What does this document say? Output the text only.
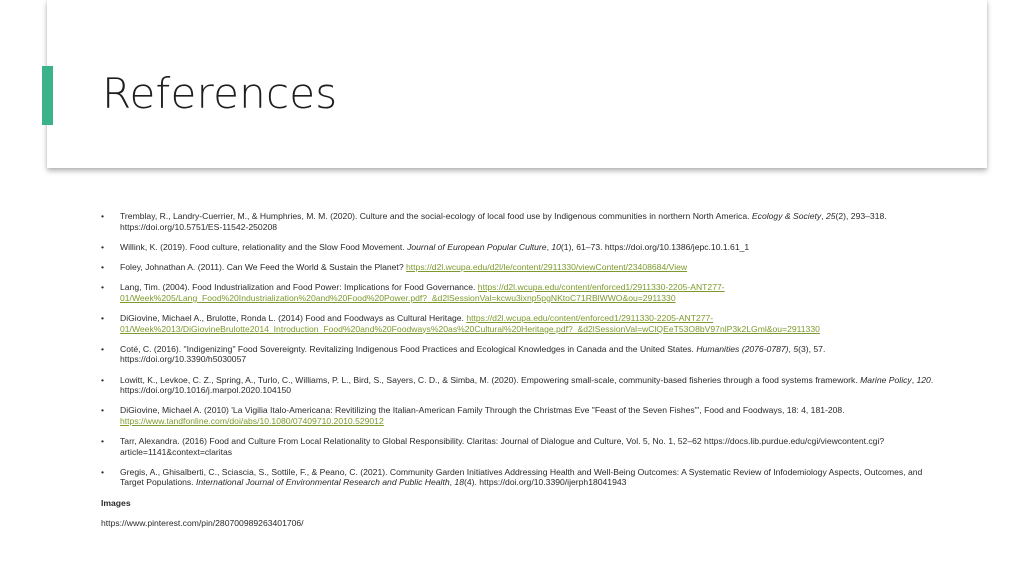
References
• Tremblay, R., Landry-Cuerrier, M., & Humphries, M. M. (2020). Culture and the social-ecology of local food use by Indigenous communities in northern North America. Ecology & Society, 25(2), 293–318. https://doi.org/10.5751/ES-11542-250208
• Willink, K. (2019). Food culture, relationality and the Slow Food Movement. Journal of European Popular Culture, 10(1), 61–73. https://doi.org/10.1386/jepc.10.1.61_1
• Foley, Johnathan A. (2011). Can We Feed the World & Sustain the Planet? https://d2l.wcupa.edu/d2l/le/content/2911330/viewContent/23408684/View
• Lang, Tim. (2004). Food Industrialization and Food Power: Implications for Food Governance. https://d2l.wcupa.edu/content/enforced1/2911330-2205-ANT277-01/Week%205/Lang_Food%20Industrialization%20and%20Food%20Power.pdf?_&d2lSessionVal=kcwu3ixnp5pgNKtoC71RBlWWO&ou=2911330
• DiGiovine, Michael A., Brulotte, Ronda L. (2014) Food and Foodways as Cultural Heritage. https://d2l.wcupa.edu/content/enforced1/2911330-2205-ANT277-01/Week%2013/DiGiovineBrulotte2014_Introduction_Food%20and%20Foodways%20as%20Cultural%20Heritage.pdf?_&d2lSessionVal=wClQEeT53O8bV97nlP3k2LGml&ou=2911330
• Coté, C. (2016). "Indigenizing" Food Sovereignty. Revitalizing Indigenous Food Practices and Ecological Knowledges in Canada and the United States. Humanities (2076-0787), 5(3), 57. https://doi.org/10.3390/h5030057
• Lowitt, K., Levkoe, C. Z., Spring, A., Turlo, C., Williams, P. L., Bird, S., Sayers, C. D., & Simba, M. (2020). Empowering small-scale, community-based fisheries through a food systems framework. Marine Policy, 120. https://doi.org/10.1016/j.marpol.2020.104150
• DiGiovine, Michael A. (2010) 'La Vigilia Italo-Americana: Revitilizing the Italian-American Family Through the Christmas Eve "Feast of the Seven Fishes"', Food and Foodways, 18: 4, 181-208. https://www.tandfonline.com/doi/abs/10.1080/07409710.2010.529012
• Tarr, Alexandra. (2016) Food and Culture From Local Relationality to Global Responsibility. Claritas: Journal of Dialogue and Culture, Vol. 5, No. 1, 52–62 https://docs.lib.purdue.edu/cgi/viewcontent.cgi?article=1141&context=claritas
• Gregis, A., Ghisalberti, C., Sciascia, S., Sottile, F., & Peano, C. (2021). Community Garden Initiatives Addressing Health and Well-Being Outcomes: A Systematic Review of Infodemiology Aspects, Outcomes, and Target Populations. International Journal of Environmental Research and Public Health, 18(4). https://doi.org/10.3390/ijerph18041943

Images

https://www.pinterest.com/pin/280700989263401706/
